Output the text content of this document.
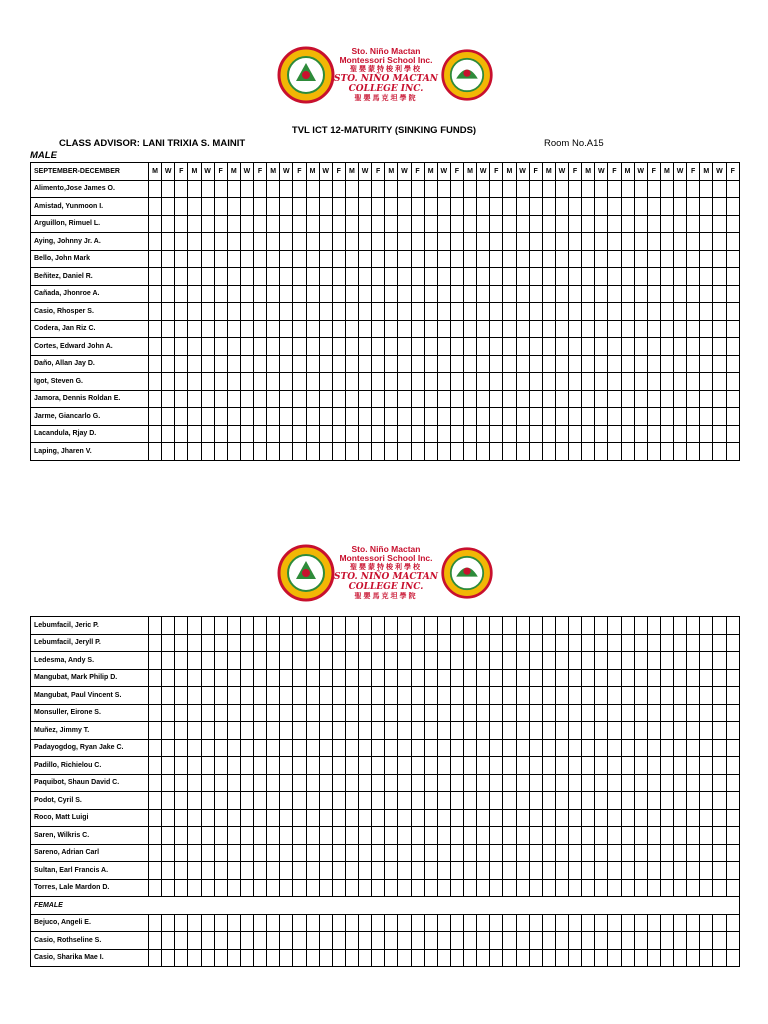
Sto. Niño Mactan
Montessori School Inc.
聖嬰蒙特梭利學校
STO. NIÑO MACTAN
COLLEGE INC.
聖嬰馬克坦學院
TVL ICT 12-MATURITY (SINKING FUNDS)
CLASS ADVISOR: LANI TRIXIA S. MAINIT	Room No.A15
MALE
SEPTEMBER-DECEMBER	M	W	F	M	W	F	M	W	F	M	W	F	M	W	F	M	W	F	M	W	F	M	W	F	M	W	F	M	W	F	M	W	F	M	W	F	M	W	F	M	W	F	M	W	F
Alimento,Jose James O.																																													
Amistad, Yunmoon I.																																													
Arguillon, Rimuel L.																																													
Aying, Johnny Jr. A.																																													
Bello, John Mark																																													
Beñitez, Daniel R.																																													
Cañada, Jhonroe A.																																													
Casio, Rhosper S.																																													
Codera, Jan Riz C.																																													
Cortes, Edward John A.																																													
Daño, Allan Jay D.																																													
Igot, Steven G.																																													
Jamora, Dennis Roldan E.																																													
Jarme, Giancarlo G.																																													
Lacandula, Rjay D.																																													
Laping, Jharen V.																																													
Sto. Niño Mactan
Montessori School Inc.
聖嬰蒙特梭利學校
STO. NIÑO MACTAN
COLLEGE INC.
聖嬰馬克坦學院
Lebumfacil, Jeric P.																																													
Lebumfacil, Jeryll P.																																													
Ledesma, Andy S.																																													
Mangubat, Mark Philip D.																																													
Mangubat, Paul Vincent S.																																													
Monsuller, Eirone S.																																													
Muñez, Jimmy T.																																													
Padayogdog, Ryan Jake C.																																													
Padillo, Richielou C.																																													
Paquibot, Shaun David C.																																													
Podot, Cyril S.																																													
Roco, Matt Luigi																																													
Saren, Wilkris C.																																													
Sareno, Adrian Carl																																													
Sultan, Earl Francis A.																																													
Torres, Lale Mardon D.																																													
FEMALE																																													
Bejuco, Angeli E.																																													
Casio, Rothseline S.																																													
Casio, Sharika Mae I.																																													
